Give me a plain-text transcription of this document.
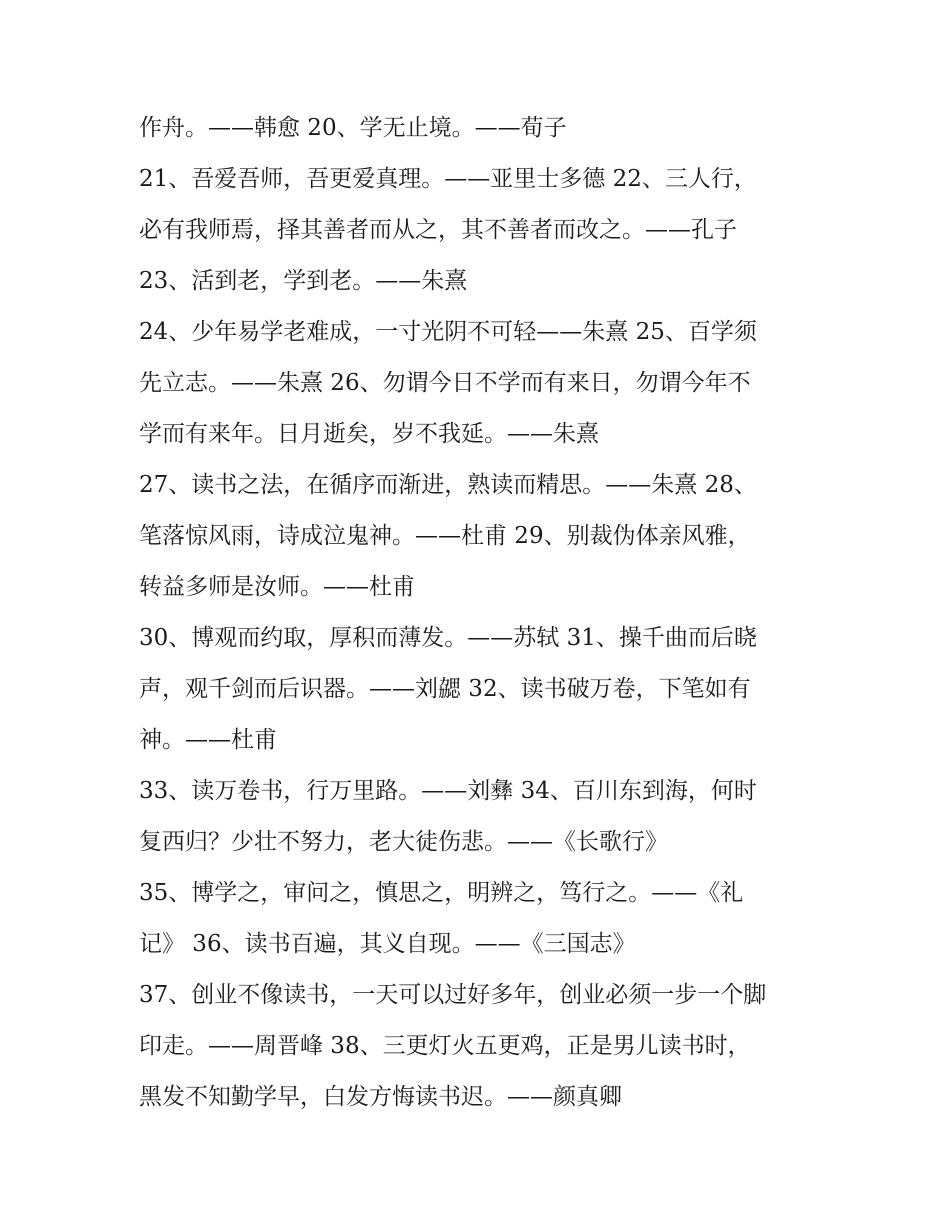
作舟。——韩愈 20、学无止境。——荀子
21、吾爱吾师，吾更爱真理。——亚里士多德 22、三人行，
必有我师焉，择其善者而从之，其不善者而改之。——孔子
23、活到老，学到老。——朱熹
24、少年易学老难成，一寸光阴不可轻——朱熹 25、百学须
先立志。——朱熹 26、勿谓今日不学而有来日，勿谓今年不
学而有来年。日月逝矣，岁不我延。——朱熹
27、读书之法，在循序而渐进，熟读而精思。——朱熹 28、
笔落惊风雨，诗成泣鬼神。——杜甫 29、别裁伪体亲风雅，
转益多师是汝师。——杜甫
30、博观而约取，厚积而薄发。——苏轼 31、操千曲而后晓
声，观千剑而后识器。——刘勰 32、读书破万卷，下笔如有
神。——杜甫
33、读万卷书，行万里路。——刘彝 34、百川东到海，何时
复西归？少壮不努力，老大徒伤悲。——《长歌行》
35、博学之，审问之，慎思之，明辨之，笃行之。——《礼
记》 36、读书百遍，其义自现。——《三国志》
37、创业不像读书，一天可以过好多年，创业必须一步一个脚
印走。——周晋峰 38、三更灯火五更鸡，正是男儿读书时，
黑发不知勤学早，白发方悔读书迟。——颜真卿
